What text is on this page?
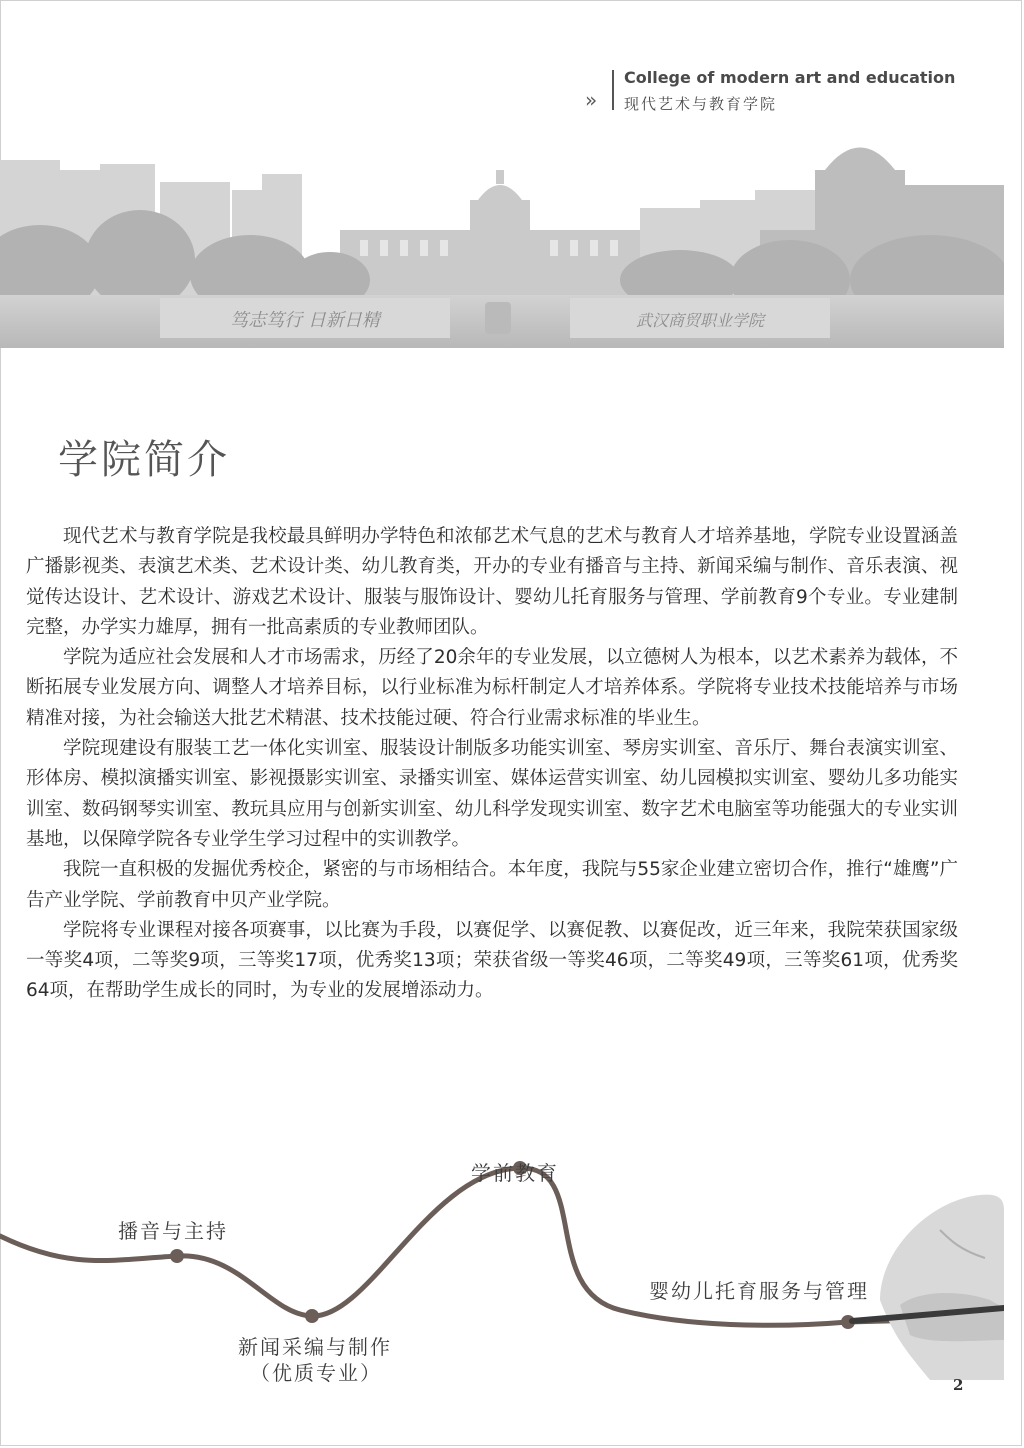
»
College of modern art and education
现代艺术与教育学院
笃志笃行 日新日精	武汉商贸职业学院
学院简介

现代艺术与教育学院是我校最具鲜明办学特色和浓郁艺术气息的艺术与教育人才培养基地，学院专业设置涵盖广播影视类、表演艺术类、艺术设计类、幼儿教育类，开办的专业有播音与主持、新闻采编与制作、音乐表演、视觉传达设计、艺术设计、游戏艺术设计、服装与服饰设计、婴幼儿托育服务与管理、学前教育9个专业。专业建制完整，办学实力雄厚，拥有一批高素质的专业教师团队。

学院为适应社会发展和人才市场需求，历经了20余年的专业发展，以立德树人为根本，以艺术素养为载体，不断拓展专业发展方向、调整人才培养目标，以行业标准为标杆制定人才培养体系。学院将专业技术技能培养与市场精准对接，为社会输送大批艺术精湛、技术技能过硬、符合行业需求标准的毕业生。

学院现建设有服装工艺一体化实训室、服装设计制版多功能实训室、琴房实训室、音乐厅、舞台表演实训室、形体房、模拟演播实训室、影视摄影实训室、录播实训室、媒体运营实训室、幼儿园模拟实训室、婴幼儿多功能实训室、数码钢琴实训室、教玩具应用与创新实训室、幼儿科学发现实训室、数字艺术电脑室等功能强大的专业实训基地，以保障学院各专业学生学习过程中的实训教学。

我院一直积极的发掘优秀校企，紧密的与市场相结合。本年度，我院与55家企业建立密切合作，推行“雄鹰”广告产业学院、学前教育中贝产业学院。

学院将专业课程对接各项赛事，以比赛为手段，以赛促学、以赛促教、以赛促改，近三年来，我院荣获国家级一等奖4项，二等奖9项，三等奖17项，优秀奖13项；荣获省级一等奖46项，二等奖49项，三等奖61项，优秀奖64项，在帮助学生成长的同时，为专业的发展增添动力。

播音与主持
新闻采编与制作
（优质专业）
学前教育
婴幼儿托育服务与管理
2
